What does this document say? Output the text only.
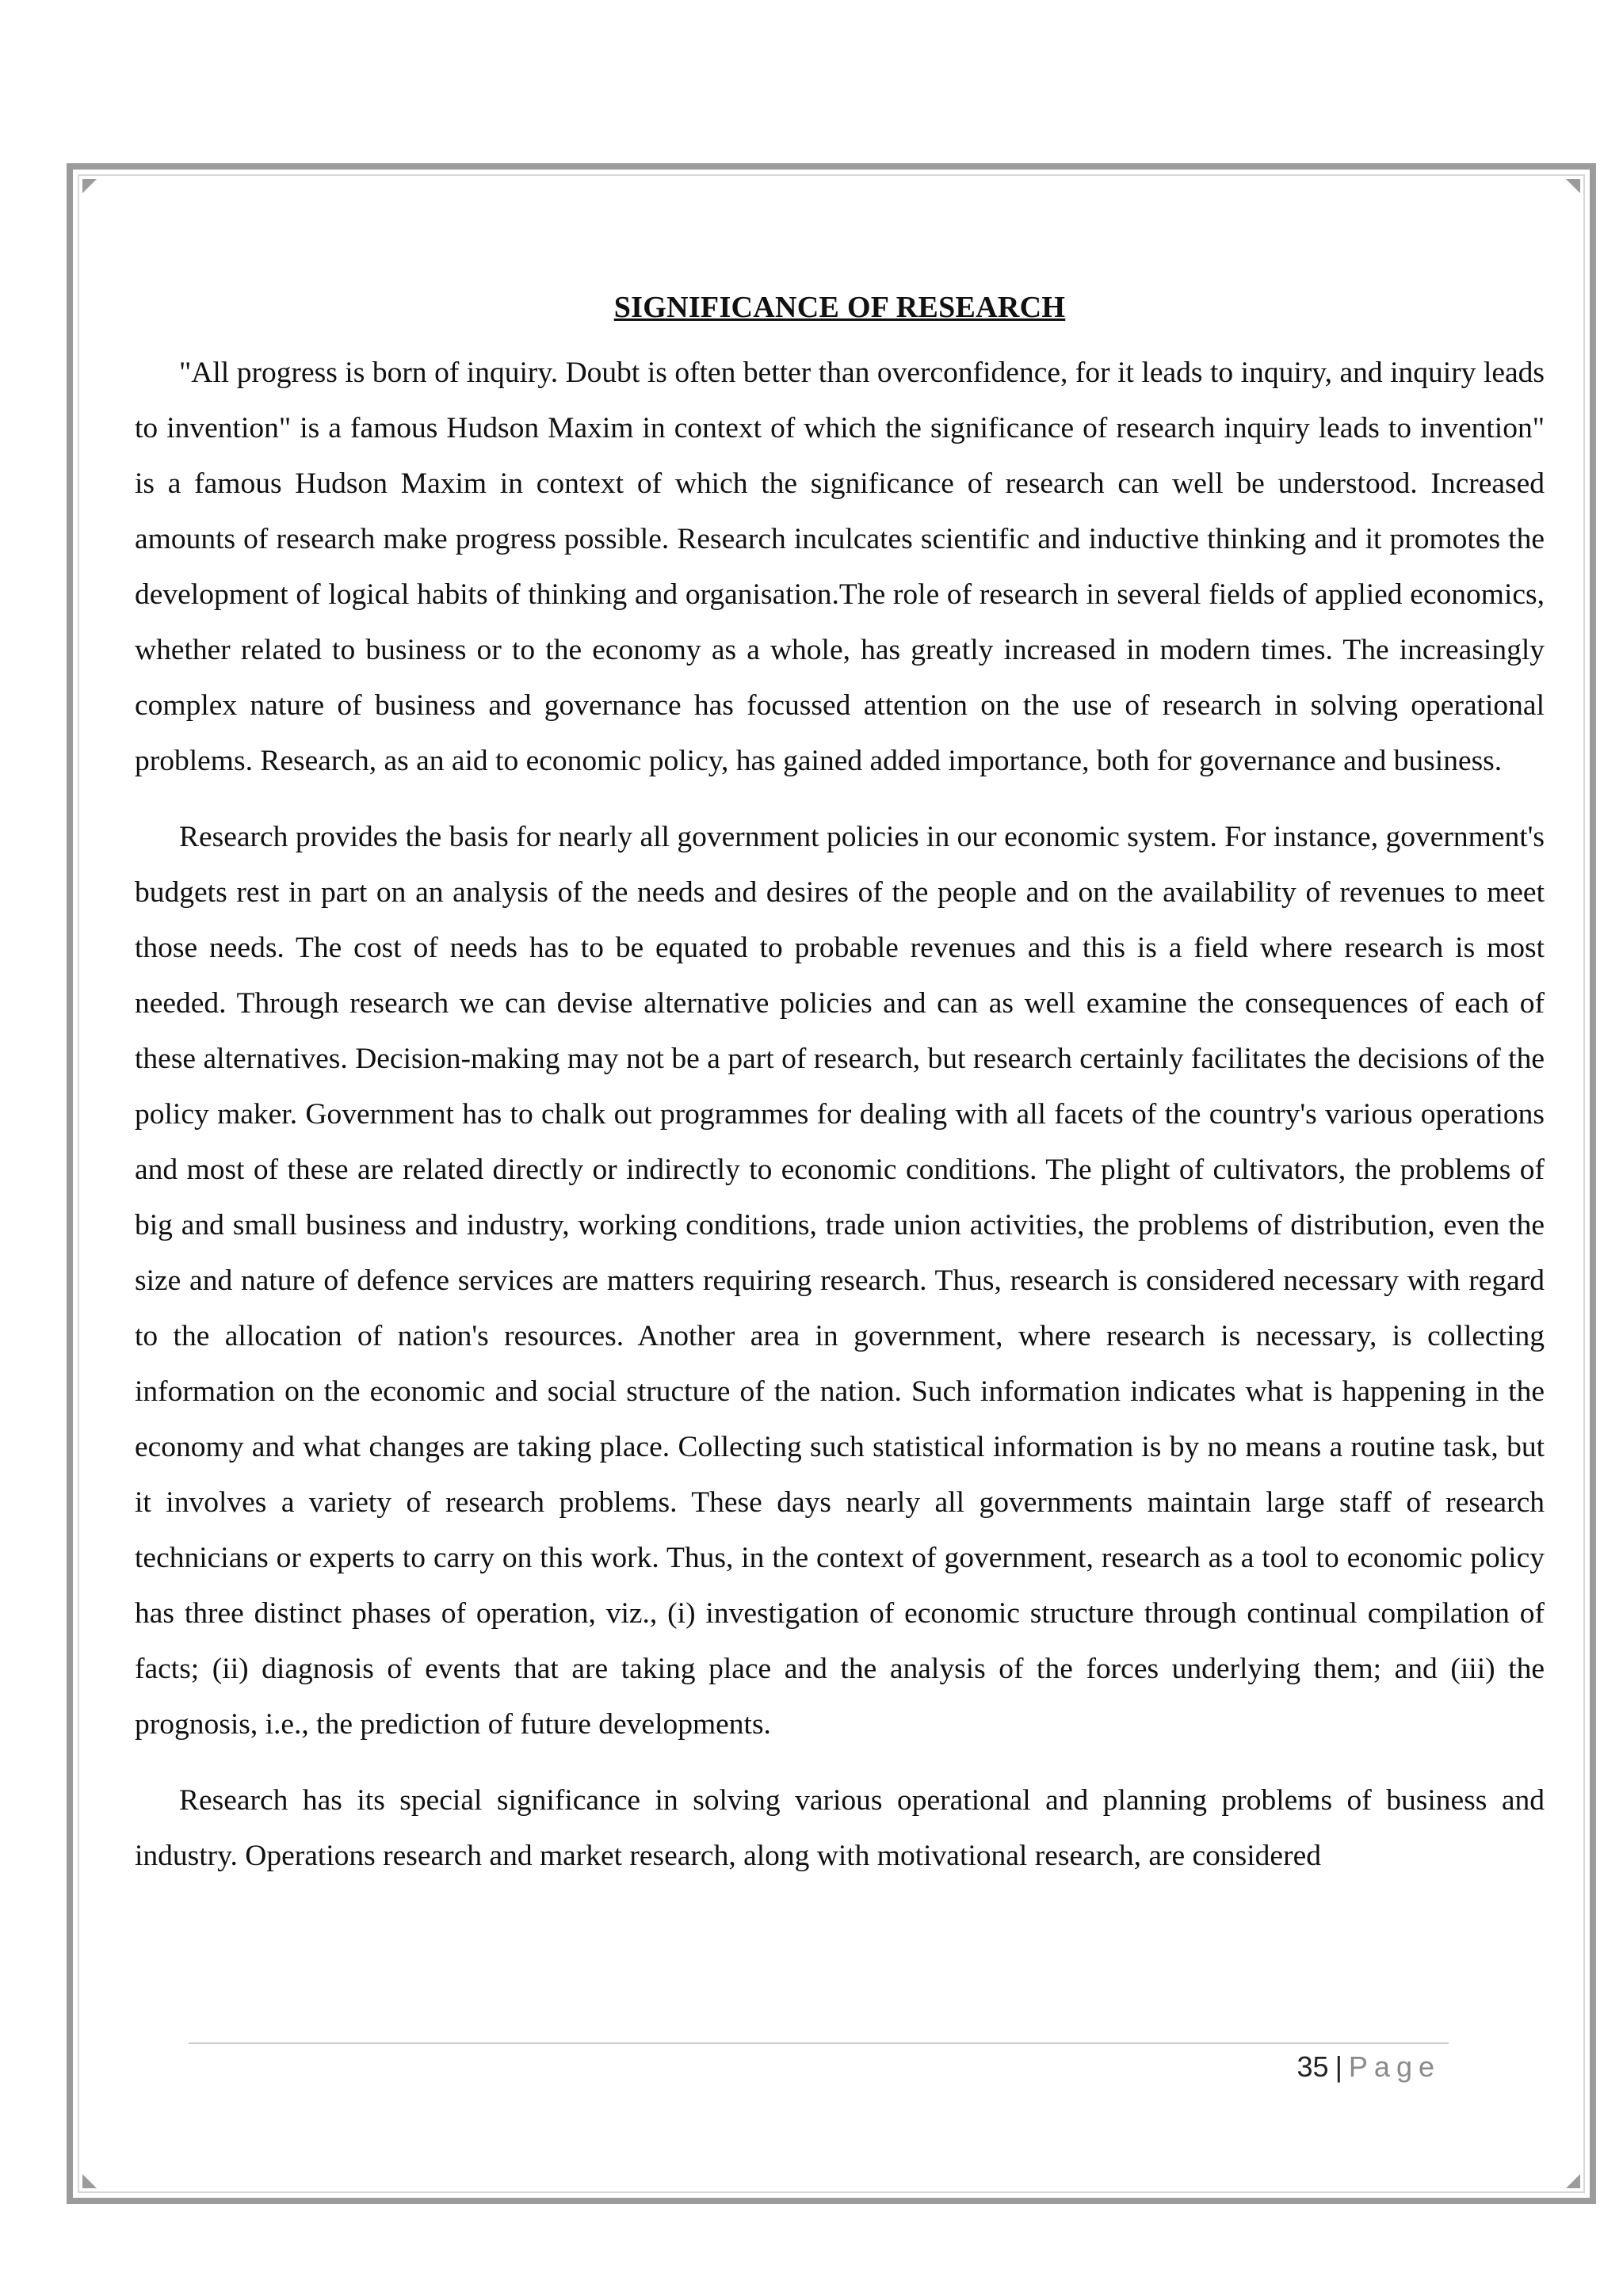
SIGNIFICANCE OF RESEARCH

"All progress is born of inquiry. Doubt is often better than overconfidence, for it leads to inquiry, and inquiry leads to invention" is a famous Hudson Maxim in context of which the significance of research inquiry leads to invention" is a famous Hudson Maxim in context of which the significance of research can well be understood. Increased amounts of research make progress possible. Research inculcates scientific and inductive thinking and it promotes the development of logical habits of thinking and organisation.The role of research in several fields of applied economics, whether related to business or to the economy as a whole, has greatly increased in modern times. The increasingly complex nature of business and governance has focussed attention on the use of research in solving operational problems. Research, as an aid to economic policy, has gained added importance, both for governance and business.

Research provides the basis for nearly all government policies in our economic system. For instance, government's budgets rest in part on an analysis of the needs and desires of the people and on the availability of revenues to meet those needs. The cost of needs has to be equated to probable revenues and this is a field where research is most needed. Through research we can devise alternative policies and can as well examine the consequences of each of these alternatives. Decision-making may not be a part of research, but research certainly facilitates the decisions of the policy maker. Government has to chalk out programmes for dealing with all facets of the country's various operations and most of these are related directly or indirectly to economic conditions. The plight of cultivators, the problems of big and small business and industry, working conditions, trade union activities, the problems of distribution, even the size and nature of defence services are matters requiring research. Thus, research is considered necessary with regard to the allocation of nation's resources. Another area in government, where research is necessary, is collecting information on the economic and social structure of the nation. Such information indicates what is happening in the economy and what changes are taking place. Collecting such statistical information is by no means a routine task, but it involves a variety of research problems. These days nearly all governments maintain large staff of research technicians or experts to carry on this work. Thus, in the context of government, research as a tool to economic policy has three distinct phases of operation, viz., (i) investigation of economic structure through continual compilation of facts; (ii) diagnosis of events that are taking place and the analysis of the forces underlying them; and (iii) the prognosis, i.e., the prediction of future developments.

Research has its special significance in solving various operational and planning problems of business and industry. Operations research and market research, along with motivational research, are considered

35 | Page
